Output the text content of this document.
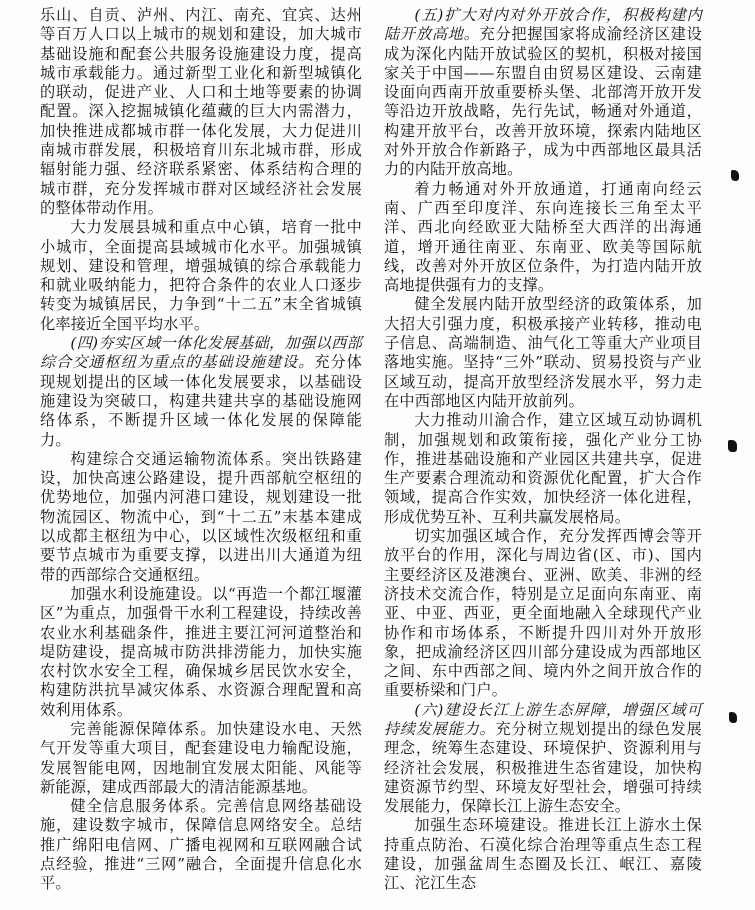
乐山、自贡、泸州、内江、南充、宜宾、达州等百万人口以上城市的规划和建设，加大城市基础设施和配套公共服务设施建设力度，提高城市承载能力。通过新型工业化和新型城镇化的联动，促进产业、人口和土地等要素的协调配置。深入挖掘城镇化蕴藏的巨大内需潜力，加快推进成都城市群一体化发展，大力促进川南城市群发展，积极培育川东北城市群，形成辐射能力强、经济联系紧密、体系结构合理的城市群，充分发挥城市群对区域经济社会发展的整体带动作用。

大力发展县城和重点中心镇，培育一批中小城市，全面提高县域城市化水平。加强城镇规划、建设和管理，增强城镇的综合承载能力和就业吸纳能力，把符合条件的农业人口逐步转变为城镇居民，力争到“十二五”末全省城镇化率接近全国平均水平。

(四)夯实区域一体化发展基础，加强以西部综合交通枢纽为重点的基础设施建设。充分体现规划提出的区域一体化发展要求，以基础设施建设为突破口，构建共建共享的基础设施网络体系，不断提升区域一体化发展的保障能力。

构建综合交通运输物流体系。突出铁路建设，加快高速公路建设，提升西部航空枢纽的优势地位，加强内河港口建设，规划建设一批物流园区、物流中心，到“十二五”末基本建成以成都主枢纽为中心，以区域性次级枢纽和重要节点城市为重要支撑，以进出川大通道为纽带的西部综合交通枢纽。

加强水利设施建设。以“再造一个都江堰灌区”为重点，加强骨干水利工程建设，持续改善农业水利基础条件，推进主要江河河道整治和堤防建设，提高城市防洪排涝能力，加快实施农村饮水安全工程，确保城乡居民饮水安全，构建防洪抗旱减灾体系、水资源合理配置和高效利用体系。

完善能源保障体系。加快建设水电、天然气开发等重大项目，配套建设电力输配设施，发展智能电网，因地制宜发展太阳能、风能等新能源，建成西部最大的清洁能源基地。

健全信息服务体系。完善信息网络基础设施，建设数字城市，保障信息网络安全。总结推广绵阳电信网、广播电视网和互联网融合试点经验，推进“三网”融合，全面提升信息化水平。

(五)扩大对内对外开放合作，积极构建内陆开放高地。充分把握国家将成渝经济区建设成为深化内陆开放试验区的契机，积极对接国家关于中国——东盟自由贸易区建设、云南建设面向西南开放重要桥头堡、北部湾开放开发等沿边开放战略，先行先试，畅通对外通道，构建开放平台，改善开放环境，探索内陆地区对外开放合作新路子，成为中西部地区最具活力的内陆开放高地。

着力畅通对外开放通道，打通南向经云南、广西至印度洋、东向连接长三角至太平洋、西北向经欧亚大陆桥至大西洋的出海通道，增开通往南亚、东南亚、欧美等国际航线，改善对外开放区位条件，为打造内陆开放高地提供强有力的支撑。

健全发展内陆开放型经济的政策体系，加大招大引强力度，积极承接产业转移，推动电子信息、高端制造、油气化工等重大产业项目落地实施。坚持“三外”联动、贸易投资与产业区域互动，提高开放型经济发展水平，努力走在中西部地区内陆开放前列。

大力推动川渝合作，建立区域互动协调机制，加强规划和政策衔接，强化产业分工协作，推进基础设施和产业园区共建共享，促进生产要素合理流动和资源优化配置，扩大合作领域，提高合作实效，加快经济一体化进程，形成优势互补、互利共赢发展格局。

切实加强区域合作，充分发挥西博会等开放平台的作用，深化与周边省(区、市)、国内主要经济区及港澳台、亚洲、欧美、非洲的经济技术交流合作，特别是立足面向东南亚、南亚、中亚、西亚，更全面地融入全球现代产业协作和市场体系，不断提升四川对外开放形象，把成渝经济区四川部分建设成为西部地区之间、东中西部之间、境内外之间开放合作的重要桥梁和门户。

(六)建设长江上游生态屏障，增强区域可持续发展能力。充分树立规划提出的绿色发展理念，统筹生态建设、环境保护、资源利用与经济社会发展，积极推进生态省建设，加快构建资源节约型、环境友好型社会，增强可持续发展能力，保障长江上游生态安全。

加强生态环境建设。推进长江上游水土保持重点防治、石漠化综合治理等重点生态工程建设，加强盆周生态圈及长江、岷江、嘉陵江、沱江生态
